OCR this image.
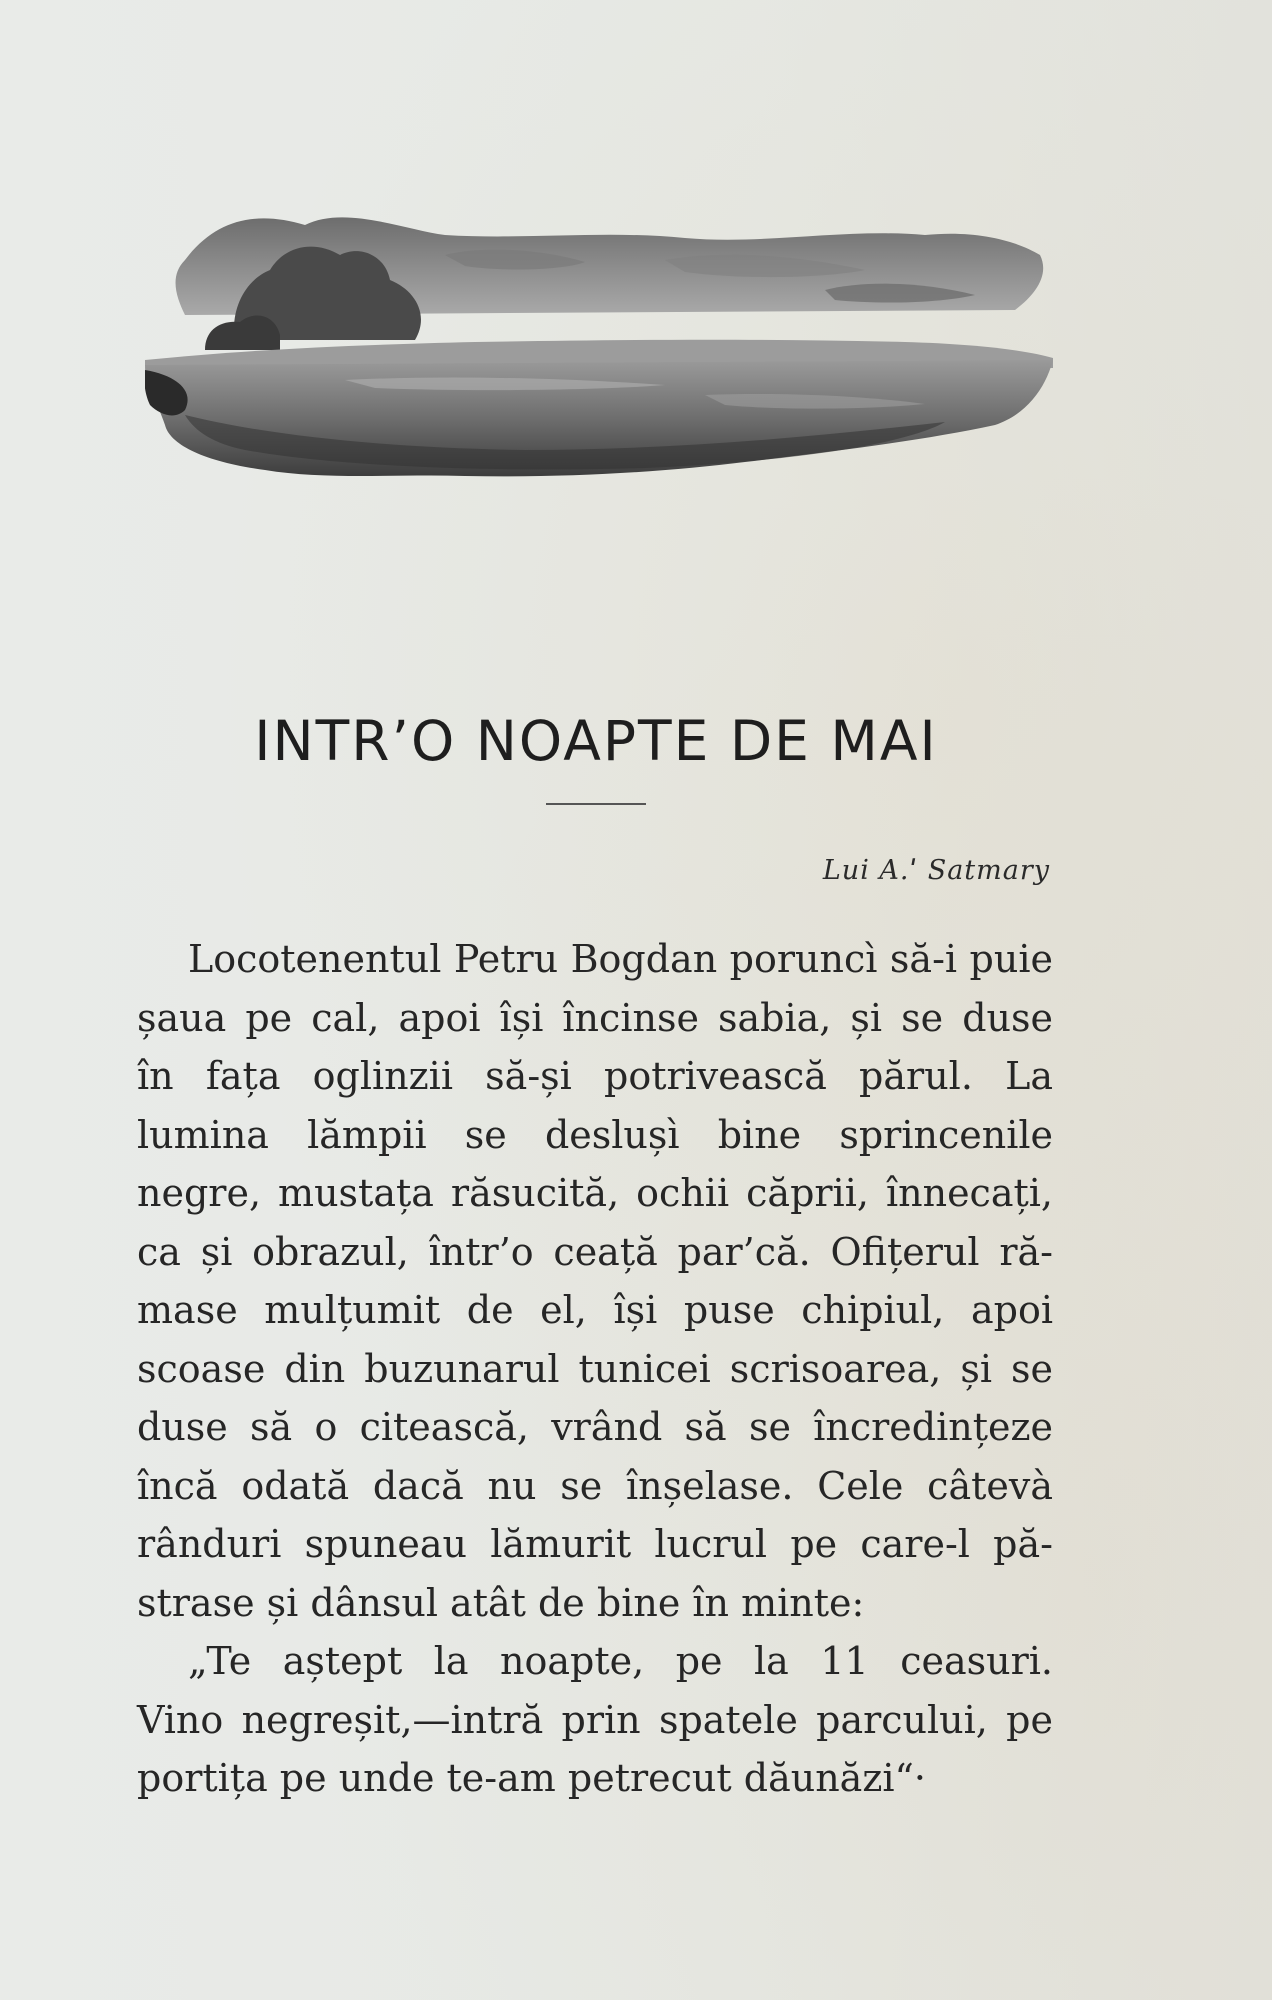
INTR’O NOAPTE DE MAI
Lui A.ˈ Satmary
Locotenentul Petru Bogdan poruncì să-i puie
șaua pe cal, apoi își încinse sabia, și se duse
în fața oglinzii să-și potrivească părul. La
lumina lămpii se deslușì bine sprincenile
negre, mustața răsucită, ochii căprii, înnecați,
ca și obrazul, într’o ceață par’că. Ofițerul ră-
mase mulțumit de el, își puse chipiul, apoi
scoase din buzunarul tunicei scrisoarea, și se
duse să o citească, vrând să se încredințeze
încă odată dacă nu se înșelase. Cele câtevà
rânduri spuneau lămurit lucrul pe care-l pă-
strase și dânsul atât de bine în minte:
„Te aștept la noapte, pe la 11 ceasuri.
Vino negreșit,—intră prin spatele parcului, pe
portița pe unde te-am petrecut dăunăzi“·
